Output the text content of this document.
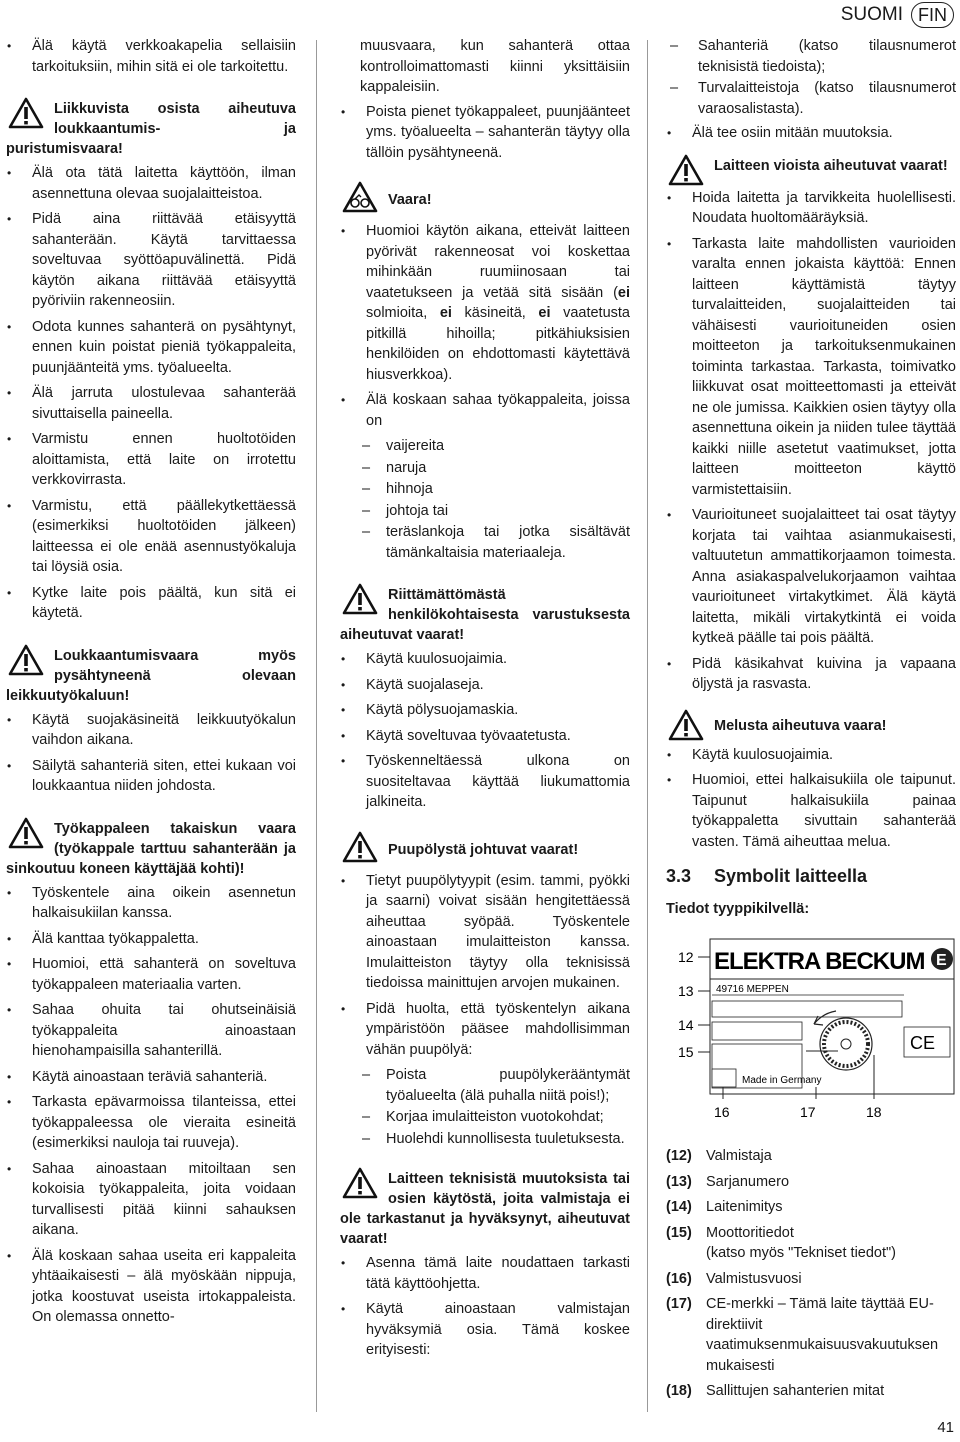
SUOMI FIN
• Älä käytä verkkoakapelia sellaisiin tarkoituksiin, mihin sitä ei ole tarkoitettu.
Liikkuvista osista aiheutuva loukkaantumis- ja puristumisvaara!
• Älä ota tätä laitetta käyttöön, ilman asennettuna olevaa suojalaitteistoa.
• Pidä aina riittävää etäisyyttä sahanterään. Käytä tarvittaessa soveltuvaa syöttöapuvälinettä. Pidä käytön aikana riittävää etäisyyttä pyöriviin rakenneosiin.
• Odota kunnes sahanterä on pysähtynyt, ennen kuin poistat pieniä työkappaleita, puunjäänteitä yms. työalueelta.
• Älä jarruta ulostulevaa sahanterää sivuttaisella paineella.
• Varmistu ennen huoltotöiden aloittamista, että laite on irrotettu verkkovirrasta.
• Varmistu, että päällekytkettäessä (esimerkiksi huoltotöiden jälkeen) laitteessa ei ole enää asennustyökaluja tai löysiä osia.
• Kytke laite pois päältä, kun sitä ei käytetä.
Loukkaantumisvaara myös pysähtyneenä olevaan leikkuutyökaluun!
• Käytä suojakäsineitä leikkuutyökalun vaihdon aikana.
• Säilytä sahanteriä siten, ettei kukaan voi loukkaantua niiden johdosta.
Työkappaleen takaiskun vaara (työkappale tarttuu sahanterään ja sinkoutuu koneen käyttäjää kohti)!
• Työskentele aina oikein asennetun halkaisukiilan kanssa.
• Älä kanttaa työkappaletta.
• Huomioi, että sahanterä on soveltuva työkappaleen materiaalia varten.
• Sahaa ohuita tai ohutseinäisiä työkappaleita ainoastaan hienohampaisilla sahanterillä.
• Käytä ainoastaan teräviä sahanteriä.
• Tarkasta epävarmoissa tilanteissa, ettei työkappaleessa ole vieraita esineitä (esimerkiksi nauloja tai ruuveja).
• Sahaa ainoastaan mitoiltaan sen kokoisia työkappaleita, joita voidaan turvallisesti pitää kiinni sahauksen aikana.
• Älä koskaan sahaa useita eri kappaleita yhtäaikaisesti – älä myöskään nippuja, jotka koostuvat useista irtokappaleista. On olemassa onnetto-

muusvaara, kun sahanterä ottaa kontrolloimattomasti kiinni yksittäisiin kappaleisiin.

• Poista pienet työkappaleet, puunjäänteet yms. työalueelta – sahanterän täytyy olla tällöin pysähtyneenä.
Vaara!
• Huomioi käytön aikana, etteivät laitteen pyörivät rakenneosat voi koskettaa mihinkään ruumiinosaan tai vaatetukseen ja vetää sitä sisään (ei solmioita, ei käsineitä, ei vaatetusta pitkillä hihoilla; pitkähiuksisien henkilöiden on ehdottomasti käytettävä hiusverkkoa).
• Älä koskaan sahaa työkappaleita, joissa on
– vaijereita
– naruja
– hihnoja
– johtoja tai
– teräslankoja tai jotka sisältävät tämänkaltaisia materiaaleja.
Riittämättömästä henkilökohtaisesta varustuksesta aiheutuvat vaarat!
• Käytä kuulosuojaimia.
• Käytä suojalaseja.
• Käytä pölysuojamaskia.
• Käytä soveltuvaa työvaatetusta.
• Työskenneltäessä ulkona on suositeltavaa käyttää liukumattomia jalkineita.
Puupölystä johtuvat vaarat!
• Tietyt puupölytyypit (esim. tammi, pyökki ja saarni) voivat sisään hengitettäessä aiheuttaa syöpää. Työskentele ainoastaan imulaitteiston kanssa. Imulaitteiston täytyy olla teknisissä tiedoissa mainittujen arvojen mukainen.
• Pidä huolta, että työskentelyn aikana ympäristöön pääsee mahdollisimman vähän puupölyä:
– Poista puupölykerääntymät työalueelta (älä puhalla niitä pois!);
– Korjaa imulaitteiston vuotokohdat;
– Huolehdi kunnollisesta tuuletuksesta.
Laitteen teknisistä muutoksista tai osien käytöstä, joita valmistaja ei ole tarkastanut ja hyväksynyt, aiheutuvat vaarat!
• Asenna tämä laite noudattaen tarkasti tätä käyttöohjetta.
• Käytä ainoastaan valmistajan hyväksymiä osia. Tämä koskee erityisesti:
– Sahanteriä (katso tilausnumerot teknisistä tiedoista);
– Turvalaitteistoja (katso tilausnumerot varaosalistasta).
• Älä tee osiin mitään muutoksia.
Laitteen vioista aiheutuvat vaarat!
• Hoida laitetta ja tarvikkeita huolellisesti. Noudata huoltomääräyksiä.
• Tarkasta laite mahdollisten vaurioiden varalta ennen jokaista käyttöä: Ennen laitteen käyttämistä täytyy turvalaitteiden, suojalaitteiden tai vähäisesti vaurioituneiden osien moitteeton ja tarkoituksenmukainen toiminta tarkastaa. Tarkasta, toimivatko liikkuvat osat moitteettomasti ja etteivät ne ole jumissa. Kaikkien osien täytyy olla asennettuna oikein ja niiden tulee täyttää kaikki niille asetetut vaatimukset, jotta laitteen moitteeton käyttö varmistettaisiin.
• Vaurioituneet suojalaitteet tai osat täytyy korjata tai vaihtaa asianmukaisesti, valtuutetun ammattikorjaamon toimesta. Anna asiakaspalvelukorjaamon vaihtaa vaurioituneet virtakytkimet. Älä käytä laitetta, mikäli virtakytkintä ei voida kytkeä päälle tai pois päältä.
• Pidä käsikahvat kuivina ja vapaana öljystä ja rasvasta.
Melusta aiheutuva vaara!
• Käytä kuulosuojaimia.
• Huomioi, ettei halkaisukiila ole taipunut. Taipunut halkaisukiila painaa työkappaletta sivuttain sahanterää vasten. Tämä aiheuttaa melua.
3.3 Symbolit laitteella
Tiedot tyyppikilvellä:
12
13
14
15
ELEKTRA BECKUM E
49716 MEPPEN
CE
Made in Germany
16	17	18
(12) Valmistaja
(13) Sarjanumero
(14) Laitenimitys
(15) Moottoritiedot
(katso myös "Tekniset tiedot")
(16) Valmistusvuosi
(17) CE-merkki – Tämä laite täyttää EU-direktiivit vaatimuksenmukaisuusvakuutuksen mukaisesti
(18) Sallittujen sahanterien mitat
41
